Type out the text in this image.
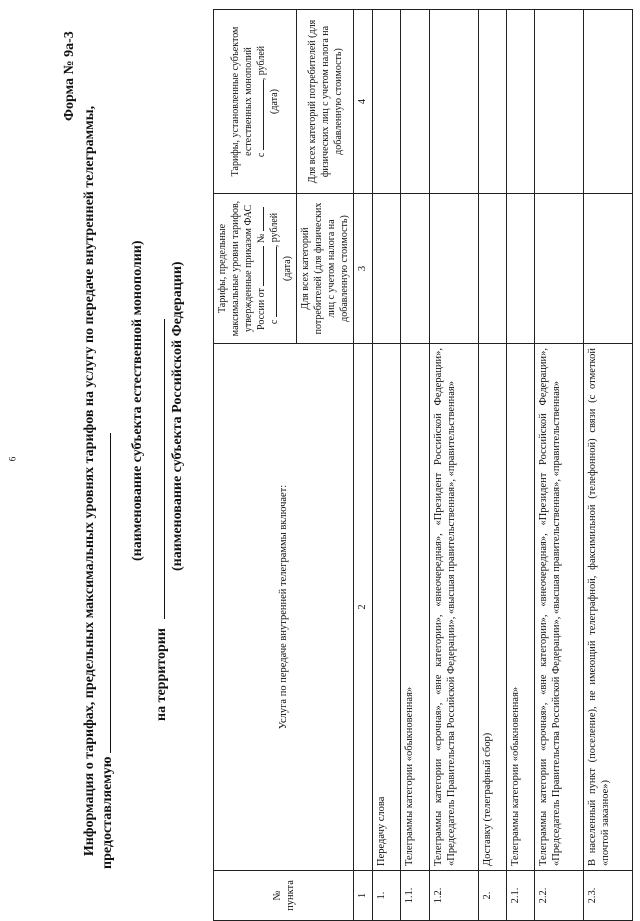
6
Форма № 9а-3
Информация о тарифах, предельных максимальных уровнях тарифов на услугу по передаче внутренней телеграммы, предоставляемую
(наименование субъекта естественной монополии)
на территории
(наименование субъекта Российской Федерации)
№ пункта	Услуга по передаче внутренней телеграммы включает:	Тарифы, предельные максимальные уровни тарифов, утвержденные приказом ФАС России от  №
с , рублей
(дата)	Тарифы, установленные субъектом естественных монополий с , рублей
(дата)
		Для всех категорий потребителей (для физических лиц с учетом налога на добавленную стоимость)	Для всех категорий потребителей (для физических лиц с учетом налога на добавленную стоимость)
1	2	3	4
1.	Передачу слова		
1.1.	Телеграммы категории «обыкновенная»		
1.2.	Телеграммы категории «срочная», «вне категории», «внеочередная», «Президент Российской Федерации», «Председатель Правительства Российской Федерации», «высшая правительственная», «правительственная»		
2.	Доставку (телеграфный сбор)		
2.1.	Телеграммы категории «обыкновенная»		
2.2.	Телеграммы категории «срочная», «вне категории», «внеочередная», «Президент Российской Федерации», «Председатель Правительства Российской Федерации», «высшая правительственная», «правительственная»		
2.3.	В населенный пункт (поселение), не имеющий телеграфной, факсимильной (телефонной) связи (с отметкой «почтой заказное»)		
